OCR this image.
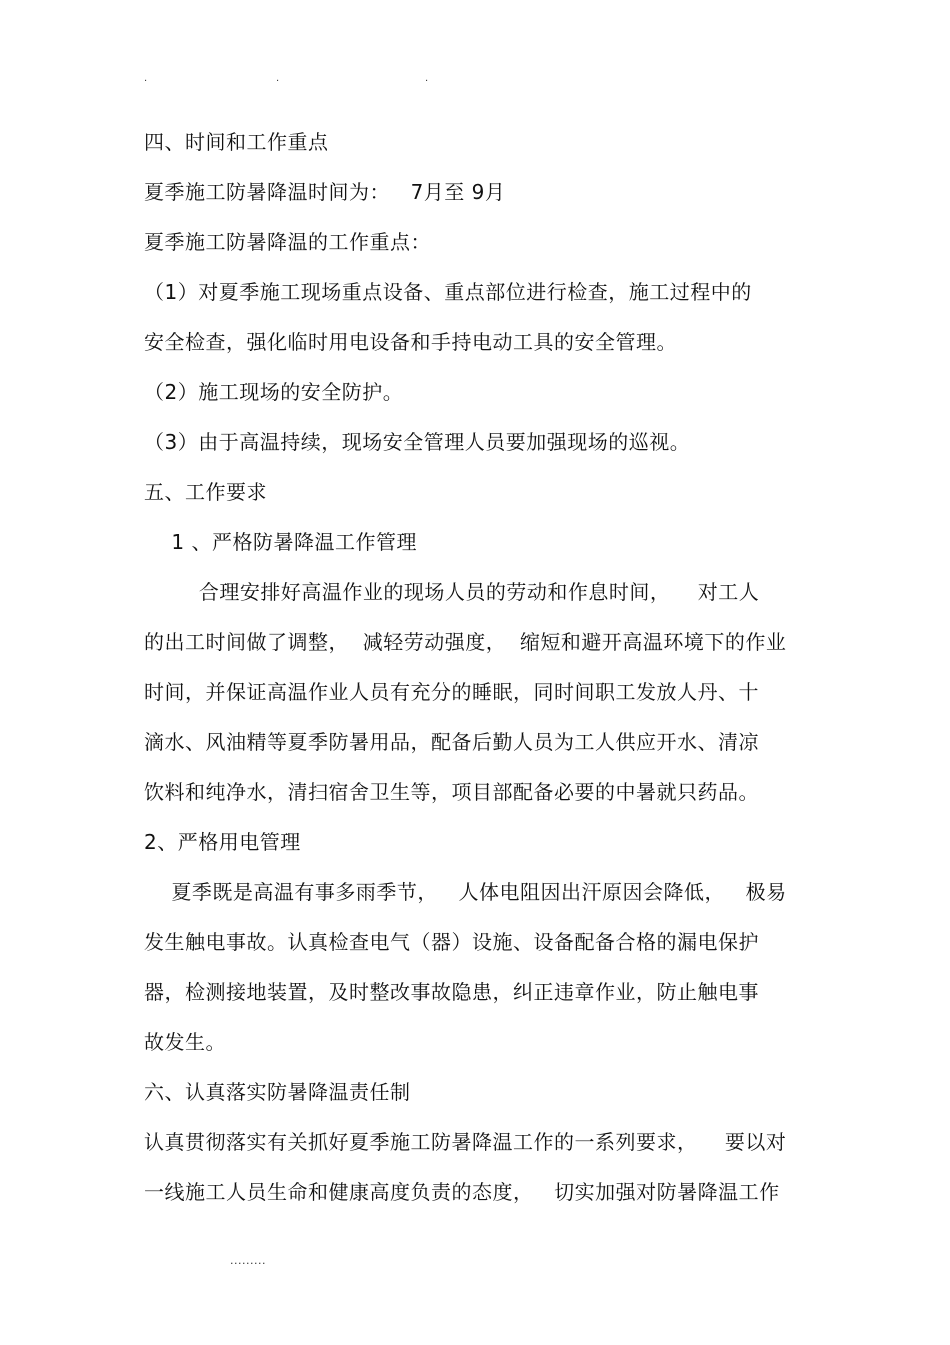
.	.	.
四、时间和工作重点
夏季施工防暑降温时间为：   7月至 9月
夏季施工防暑降温的工作重点：
（1）对夏季施工现场重点设备、重点部位进行检查，施工过程中的
安全检查，强化临时用电设备和手持电动工具的安全管理。
（2）施工现场的安全防护。
（3）由于高温持续，现场安全管理人员要加强现场的巡视。
五、工作要求
1 、严格防暑降温工作管理
合理安排好高温作业的现场人员的劳动和作息时间，    对工人
的出工时间做了调整，  减轻劳动强度，  缩短和避开高温环境下的作业
时间，并保证高温作业人员有充分的睡眠，同时间职工发放人丹、十
滴水、风油精等夏季防暑用品，配备后勤人员为工人供应开水、清凉
饮料和纯净水，清扫宿舍卫生等，项目部配备必要的中暑就只药品。
2、严格用电管理
夏季既是高温有事多雨季节，   人体电阻因出汗原因会降低，   极易
发生触电事故。认真检查电气（器）设施、设备配备合格的漏电保护
器，检测接地装置，及时整改事故隐患，纠正违章作业，防止触电事
故发生。
六、认真落实防暑降温责任制
认真贯彻落实有关抓好夏季施工防暑降温工作的一系列要求，    要以对
一线施工人员生命和健康高度负责的态度，   切实加强对防暑降温工作
.........
